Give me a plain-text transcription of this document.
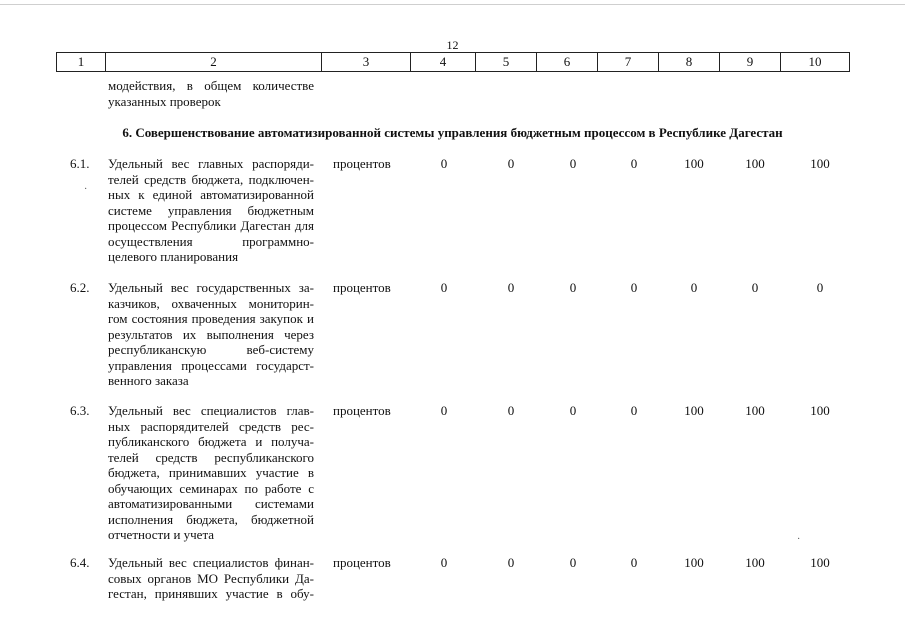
12
1	2	3	4	5	6	7	8	9	10
модействия, в общем количестве
указанных проверок
6. Совершенствование автоматизированной системы управления бюджетным процессом в Республике Дагестан
6.1. Удельный вес главных распоряди-
телей средств бюджета, подключен-
ных к единой автоматизированной
системе управления бюджетным
процессом Республики Дагестан для
осуществления программно-
целевого планирования
процентов	0	0	0	0	100	100	100
·
6.2. Удельный вес государственных за-
казчиков, охваченных мониторин-
гом состояния проведения закупок и
результатов их выполнения через
республиканскую веб-систему
управления процессами государст-
венного заказа
процентов	0	0	0	0	0	0	0
6.3. Удельный вес специалистов глав-
ных распорядителей средств рес-
публиканского бюджета и получа-
телей средств республиканского
бюджета, принимавших участие в
обучающих семинарах по работе с
автоматизированными системами
исполнения бюджета, бюджетной
отчетности и учета
процентов	0	0	0	0	100	100	100
·
6.4. Удельный вес специалистов финан-
совых органов МО Республики Да-
гестан, принявших участие в обу-
процентов	0	0	0	0	100	100	100
